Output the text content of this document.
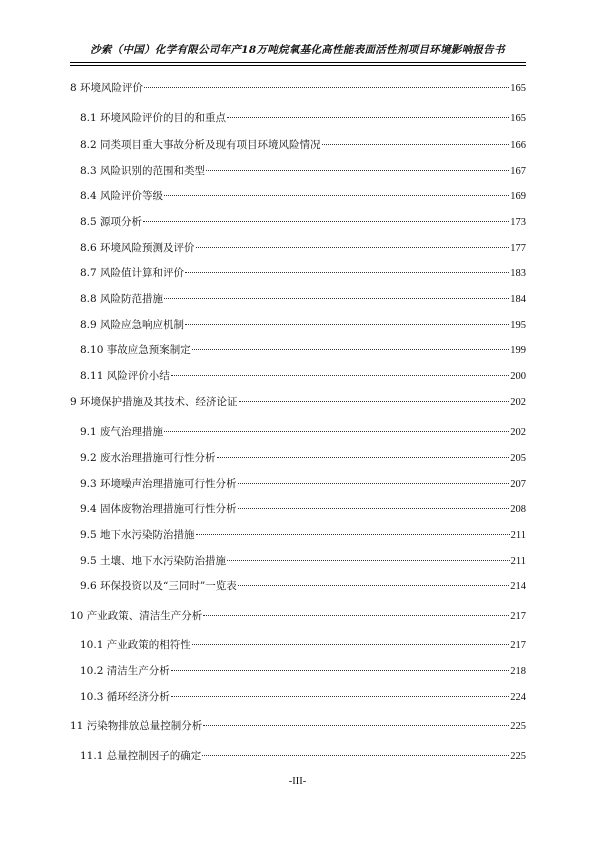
沙索（中国）化学有限公司年产18万吨烷氧基化高性能表面活性剂项目环境影响报告书
8 环境风险评价	165
8.1 环境风险评价的目的和重点	165
8.2 同类项目重大事故分析及现有项目环境风险情况	166
8.3 风险识别的范围和类型	167
8.4 风险评价等级	169
8.5 源项分析	173
8.6 环境风险预测及评价	177
8.7 风险值计算和评价	183
8.8 风险防范措施	184
8.9 风险应急响应机制	195
8.10 事故应急预案制定	199
8.11 风险评价小结	200
9 环境保护措施及其技术、经济论证	202
9.1 废气治理措施	202
9.2 废水治理措施可行性分析	205
9.3 环境噪声治理措施可行性分析	207
9.4 固体废物治理措施可行性分析	208
9.5 地下水污染防治措施	211
9.5 土壤、地下水污染防治措施	211
9.6 环保投资以及“三同时”一览表	214
10 产业政策、清洁生产分析	217
10.1 产业政策的相符性	217
10.2 清洁生产分析	218
10.3 循环经济分析	224
11 污染物排放总量控制分析	225
11.1 总量控制因子的确定	225
-III-
